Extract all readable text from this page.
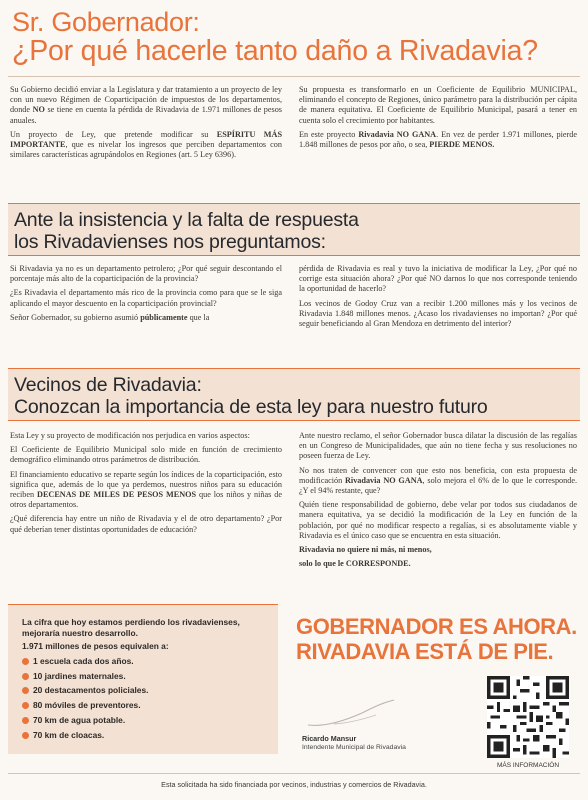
Sr. Gobernador:
¿Por qué hacerle tanto daño a Rivadavia?

Su Gobierno decidió enviar a la Legislatura y dar tratamiento a un proyecto de ley con un nuevo Régimen de Coparticipación de impuestos de los departamentos, donde NO se tiene en cuenta la pérdida de Rivadavia de 1.971 millones de pesos anuales.

Un proyecto de Ley, que pretende modificar su ESPÍRITU MÁS IMPORTANTE, que es nivelar los ingresos que perciben departamentos con similares características agrupándolos en Regiones (art. 5 Ley 6396).

Su propuesta es transformarlo en un Coeficiente de Equilibrio MUNICIPAL, eliminando el concepto de Regiones, único parámetro para la distribución per cápita de manera equitativa. El Coeficiente de Equilibrio Municipal, pasará a tener en cuenta solo el crecimiento por habitantes.

En este proyecto Rivadavia NO GANA. En vez de perder 1.971 millones, pierde 1.848 millones de pesos por año, o sea, PIERDE MENOS.

Ante la insistencia y la falta de respuesta
los Rivadavienses nos preguntamos:

Si Rivadavia ya no es un departamento petrolero; ¿Por qué seguir descontando el porcentaje más alto de la coparticipación de la provincia?

¿Es Rivadavia el departamento más rico de la provincia como para que se le siga aplicando el mayor descuento en la coparticipación provincial?

Señor Gobernador, su gobierno asumió públicamente que la

pérdida de Rivadavia es real y tuvo la iniciativa de modificar la Ley, ¿Por qué no corrige esta situación ahora? ¿Por qué NO darnos lo que nos corresponde teniendo la oportunidad de hacerlo?

Los vecinos de Godoy Cruz van a recibir 1.200 millones más y los vecinos de Rivadavia 1.848 millones menos. ¿Acaso los rivadavienses no importan? ¿Por qué seguir beneficiando al Gran Mendoza en detrimento del interior?

Vecinos de Rivadavia:
Conozcan la importancia de esta ley para nuestro futuro

Esta Ley y su proyecto de modificación nos perjudica en varios aspectos:

El Coeficiente de Equilibrio Municipal solo mide en función de crecimiento demográfico eliminando otros parámetros de distribución.

El financiamiento educativo se reparte según los índices de la coparticipación, esto significa que, además de lo que ya perdemos, nuestros niños para su educación reciben DECENAS DE MILES DE PESOS MENOS que los niños y niñas de otros departamentos.

¿Qué diferencia hay entre un niño de Rivadavia y el de otro departamento? ¿Por qué deberían tener distintas oportunidades de educación?

Ante nuestro reclamo, el señor Gobernador busca dilatar la discusión de las regalías en un Congreso de Municipalidades, que aún no tiene fecha y sus resoluciones no poseen fuerza de Ley.

No nos traten de convencer con que esto nos beneficia, con esta propuesta de modificación Rivadavia NO GANA, solo mejora el 6% de lo que le corresponde. ¿Y el 94% restante, que?

Quién tiene responsabilidad de gobierno, debe velar por todos sus ciudadanos de manera equitativa, ya se decidió la modificación de la Ley en función de la población, por qué no modificar respecto a regalías, si es absolutamente viable y Rivadavia es el único caso que se encuentra en esta situación.

Rivadavia no quiere ni más, ni menos,

solo lo que le CORRESPONDE.

La cifra que hoy estamos perdiendo los rivadavienses, mejoraría nuestro desarrollo.
1.971 millones de pesos equivalen a:
1 escuela cada dos años.
10 jardines maternales.
20 destacamentos policiales.
80 móviles de preventores.
70 km de agua potable.
70 km de cloacas.
GOBERNADOR ES AHORA.
RIVADAVIA ESTÁ DE PIE.
Ricardo Mansur
Intendente Municipal de Rivadavia
MÁS INFORMACIÓN
Esta solicitada ha sido financiada por vecinos, industrias y comercios de Rivadavia.
